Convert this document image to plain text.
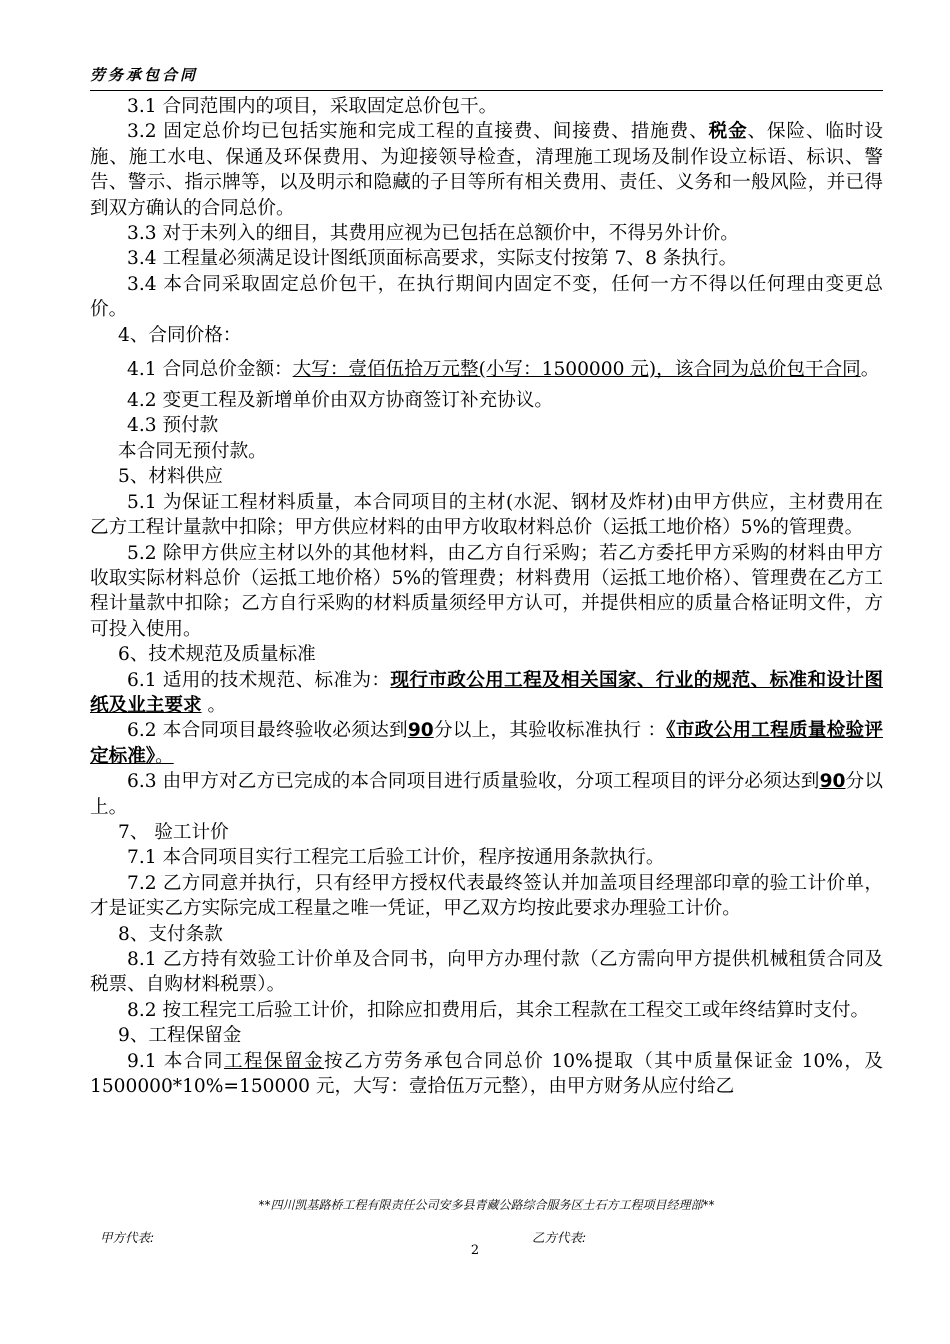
劳务承包合同

3.1 合同范围内的项目，采取固定总价包干。

3.2 固定总价均已包括实施和完成工程的直接费、间接费、措施费、税金、保险、临时设施、施工水电、保通及环保费用、为迎接领导检查，清理施工现场及制作设立标语、标识、警告、警示、指示牌等，以及明示和隐藏的子目等所有相关费用、责任、义务和一般风险，并已得到双方确认的合同总价。

3.3 对于未列入的细目，其费用应视为已包括在总额价中，不得另外计价。

3.4 工程量必须满足设计图纸顶面标高要求，实际支付按第 7、8 条执行。

3.4 本合同采取固定总价包干，在执行期间内固定不变，任何一方不得以任何理由变更总价。

4、合同价格：

4.1 合同总价金额：大写：壹佰伍拾万元整(小写：1500000 元)，该合同为总价包干合同。

4.2 变更工程及新增单价由双方协商签订补充协议。

4.3 预付款

本合同无预付款。

5、材料供应

5.1 为保证工程材料质量，本合同项目的主材(水泥、钢材及炸材)由甲方供应，主材费用在乙方工程计量款中扣除；甲方供应材料的由甲方收取材料总价（运抵工地价格）5%的管理费。

5.2 除甲方供应主材以外的其他材料，由乙方自行采购；若乙方委托甲方采购的材料由甲方收取实际材料总价（运抵工地价格）5%的管理费；材料费用（运抵工地价格）、管理费在乙方工程计量款中扣除；乙方自行采购的材料质量须经甲方认可，并提供相应的质量合格证明文件，方可投入使用。

6、技术规范及质量标准

6.1 适用的技术规范、标准为：现行市政公用工程及相关国家、行业的规范、标准和设计图纸及业主要求 。

6.2 本合同项目最终验收必须达到90分以上，其验收标准执行 ：《市政公用工程质量检验评定标准》。

6.3 由甲方对乙方已完成的本合同项目进行质量验收，分项工程项目的评分必须达到90分以上。

7、 验工计价

7.1 本合同项目实行工程完工后验工计价，程序按通用条款执行。

7.2 乙方同意并执行，只有经甲方授权代表最终签认并加盖项目经理部印章的验工计价单，才是证实乙方实际完成工程量之唯一凭证，甲乙双方均按此要求办理验工计价。

8、支付条款

8.1 乙方持有效验工计价单及合同书，向甲方办理付款（乙方需向甲方提供机械租赁合同及税票、自购材料税票）。

8.2 按工程完工后验工计价，扣除应扣费用后，其余工程款在工程交工或年终结算时支付。

9、工程保留金

9.1 本合同工程保留金按乙方劳务承包合同总价 10%提取（其中质量保证金 10%，及 1500000*10%=150000 元，大写：壹拾伍万元整），由甲方财务从应付给乙

**四川凯基路桥工程有限责任公司安多县青藏公路综合服务区土石方工程项目经理部**
甲方代表:	乙方代表:
2
